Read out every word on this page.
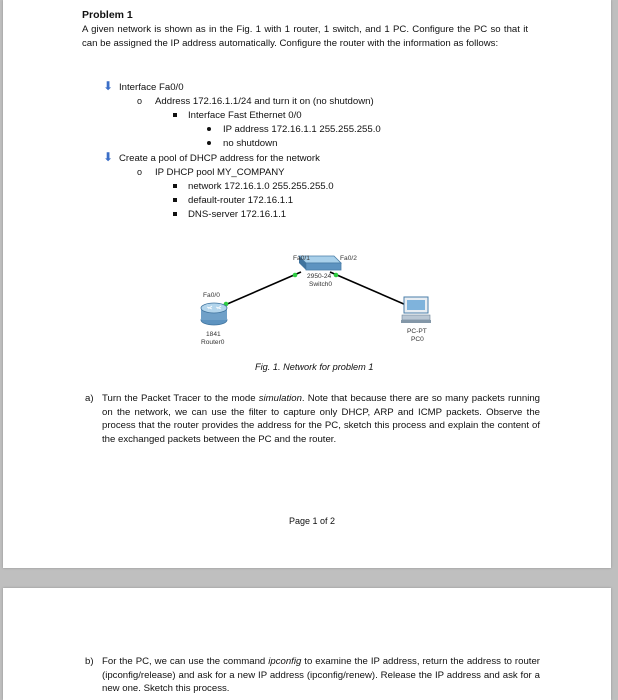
Problem 1
A given network is shown as in the Fig. 1 with 1 router, 1 switch, and 1 PC. Configure the PC so that it can be assigned the IP address automatically. Configure the router with the information as follows:
⬇ Interface Fa0/0
o Address 172.16.1.1/24 and turn it on (no shutdown)
Interface Fast Ethernet 0/0
IP address 172.16.1.1 255.255.255.0
no shutdown
⬇ Create a pool of DHCP address for the network
o IP DHCP pool MY_COMPANY
network 172.16.1.0 255.255.255.0
default-router 172.16.1.1
DNS-server 172.16.1.1
Fa0/1	Fa0/2
2950-24
Switch0
Fa0/0
1841
Router0
PC-PT
PC0
Fig. 1. Network for problem 1
a) Turn the Packet Tracer to the mode simulation. Note that because there are so many packets running on the network, we can use the filter to capture only DHCP, ARP and ICMP packets. Observe the process that the router provides the address for the PC, sketch this process and explain the content of the exchanged packets between the PC and the router.
Page 1 of 2
b) For the PC, we can use the command ipconfig to examine the IP address, return the address to router (ipconfig/release) and ask for a new IP address (ipconfig/renew). Release the IP address and ask for a new one. Sketch this process.
